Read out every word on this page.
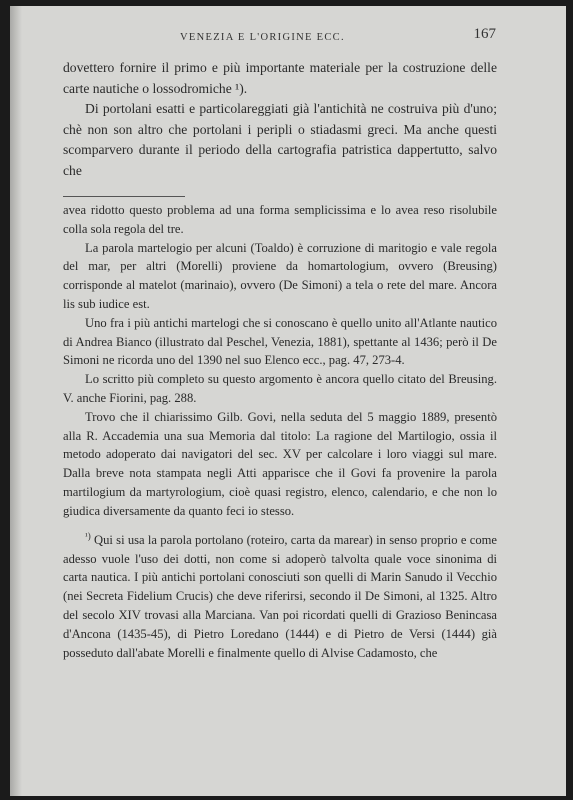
VENEZIA E L'ORIGINE ECC.	167

dovettero fornire il primo e più importante materiale per la costruzione delle carte nautiche o lossodromiche ¹).

Di portolani esatti e particolareggiati già l'antichità ne costruiva più d'uno; chè non son altro che portolani i peripli o stiadasmi greci. Ma anche questi scomparvero durante il periodo della cartografia patristica dappertutto, salvo che

avea ridotto questo problema ad una forma semplicissima e lo avea reso risolubile colla sola regola del tre.

La parola martelogio per alcuni (Toaldo) è corruzione di maritogio e vale regola del mar, per altri (Morelli) proviene da homartologium, ovvero (Breusing) corrisponde al matelot (marinaio), ovvero (De Simoni) a tela o rete del mare. Ancora lis sub iudice est.

Uno fra i più antichi martelogi che si conoscano è quello unito all'Atlante nautico di Andrea Bianco (illustrato dal Peschel, Venezia, 1881), spettante al 1436; però il De Simoni ne ricorda uno del 1390 nel suo Elenco ecc., pag. 47, 273-4.

Lo scritto più completo su questo argomento è ancora quello citato del Breusing. V. anche Fiorini, pag. 288.

Trovo che il chiarissimo Gilb. Govi, nella seduta del 5 maggio 1889, presentò alla R. Accademia una sua Memoria dal titolo: La ragione del Martilogio, ossia il metodo adoperato dai navigatori del sec. XV per calcolare i loro viaggi sul mare. Dalla breve nota stampata negli Atti apparisce che il Govi fa provenire la parola martilogium da martyrologium, cioè quasi registro, elenco, calendario, e che non lo giudica diversamente da quanto feci io stesso.

$^{^1)}$ Qui si usa la parola portolano (roteiro, carta da marear) in senso proprio e come adesso vuole l'uso dei dotti, non come si adoperò talvolta quale voce sinonima di carta nautica. I più antichi portolani conosciuti son quelli di Marin Sanudo il Vecchio (nei Secreta Fidelium Crucis) che deve riferirsi, secondo il De Simoni, al 1325. Altro del secolo XIV trovasi alla Marciana. Van poi ricordati quelli di Grazioso Benincasa d'Ancona (1435-45), di Pietro Loredano (1444) e di Pietro de Versi (1444) già posseduto dall'abate Morelli e finalmente quello di Alvise Cadamosto, che
